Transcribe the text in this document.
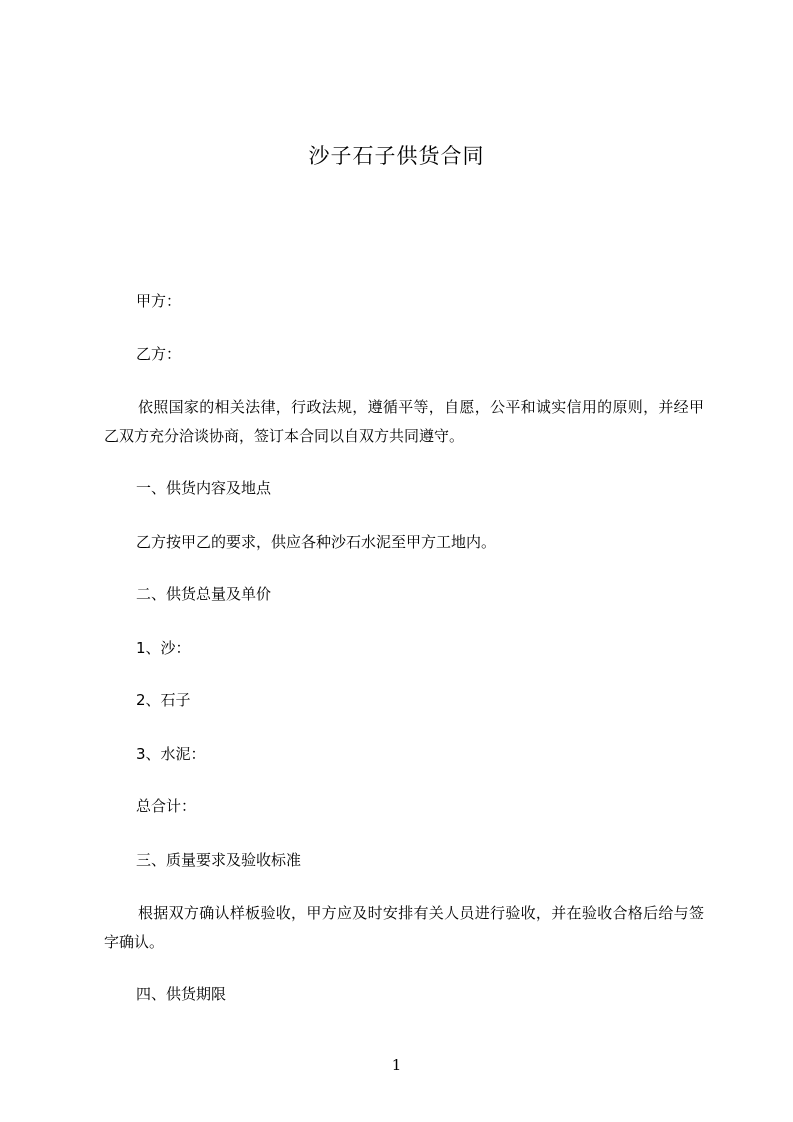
沙子石子供货合同
甲方：
乙方：
依照国家的相关法律，行政法规，遵循平等，自愿，公平和诚实信用的原则，并经甲乙双方充分洽谈协商，签订本合同以自双方共同遵守。
一、供货内容及地点
乙方按甲乙的要求，供应各种沙石水泥至甲方工地内。
二、供货总量及单价
1、沙：
2、石子
3、水泥：
总合计：
三、质量要求及验收标准
根据双方确认样板验收，甲方应及时安排有关人员进行验收，并在验收合格后给与签字确认。
四、供货期限
1
